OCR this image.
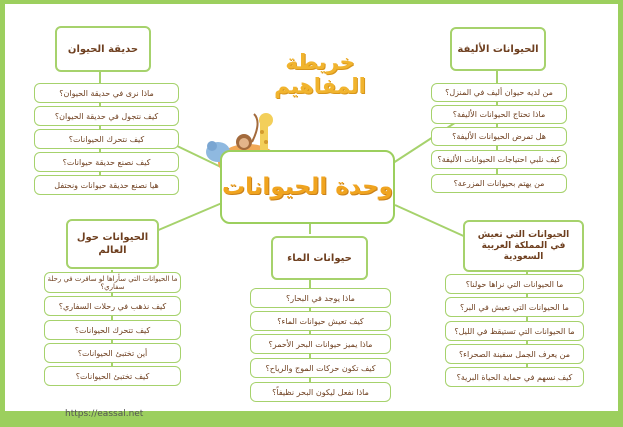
خريطة المفاهيم
وحدة الحيوانات
حديقة الحيوان
ماذا نرى في حديقة الحيوان؟
كيف نتجول في حديقة الحيوان؟
كيف نتحرك الحيوانات؟
كيف نصنع حديقة حيوانات؟
هيا نصنع حديقة حيوانات ونحتفل
الحيوانات الأليفة
من لديه حيوان أليف في المنزل؟
ماذا تحتاج الحيوانات الأليفة؟
هل تمرض الحيوانات الأليفة؟
كيف نلبي احتياجات الحيوانات الأليفة؟
من يهتم بحيوانات المزرعة؟
الحيوانات حول العالم
ما الحيوانات التي سأراها لو سافرت في رحلة سفاري؟
كيف نذهب في رحلات السفاري؟
كيف تتحرك الحيوانات؟
أين تختبئ الحيوانات؟
كيف تختبئ الحيوانات؟
حيوانات الماء
ماذا يوجد في البحار؟
كيف تعيش حيوانات الماء؟
ماذا يميز حيوانات البحر الأحمر؟
كيف تكون حركات الموج والرياح؟
ماذا نفعل ليكون البحر نظيفاً؟
الحيوانات التي تعيش في المملكة العربية السعودية
ما الحيوانات التي نراها حولنا؟
ما الحيوانات التي تعيش في البر؟
ما الحيوانات التي تستيقظ في الليل؟
من يعرف الجمل سفينة الصحراء؟
كيف نسهم في حماية الحياة البرية؟
https://eassal.net
